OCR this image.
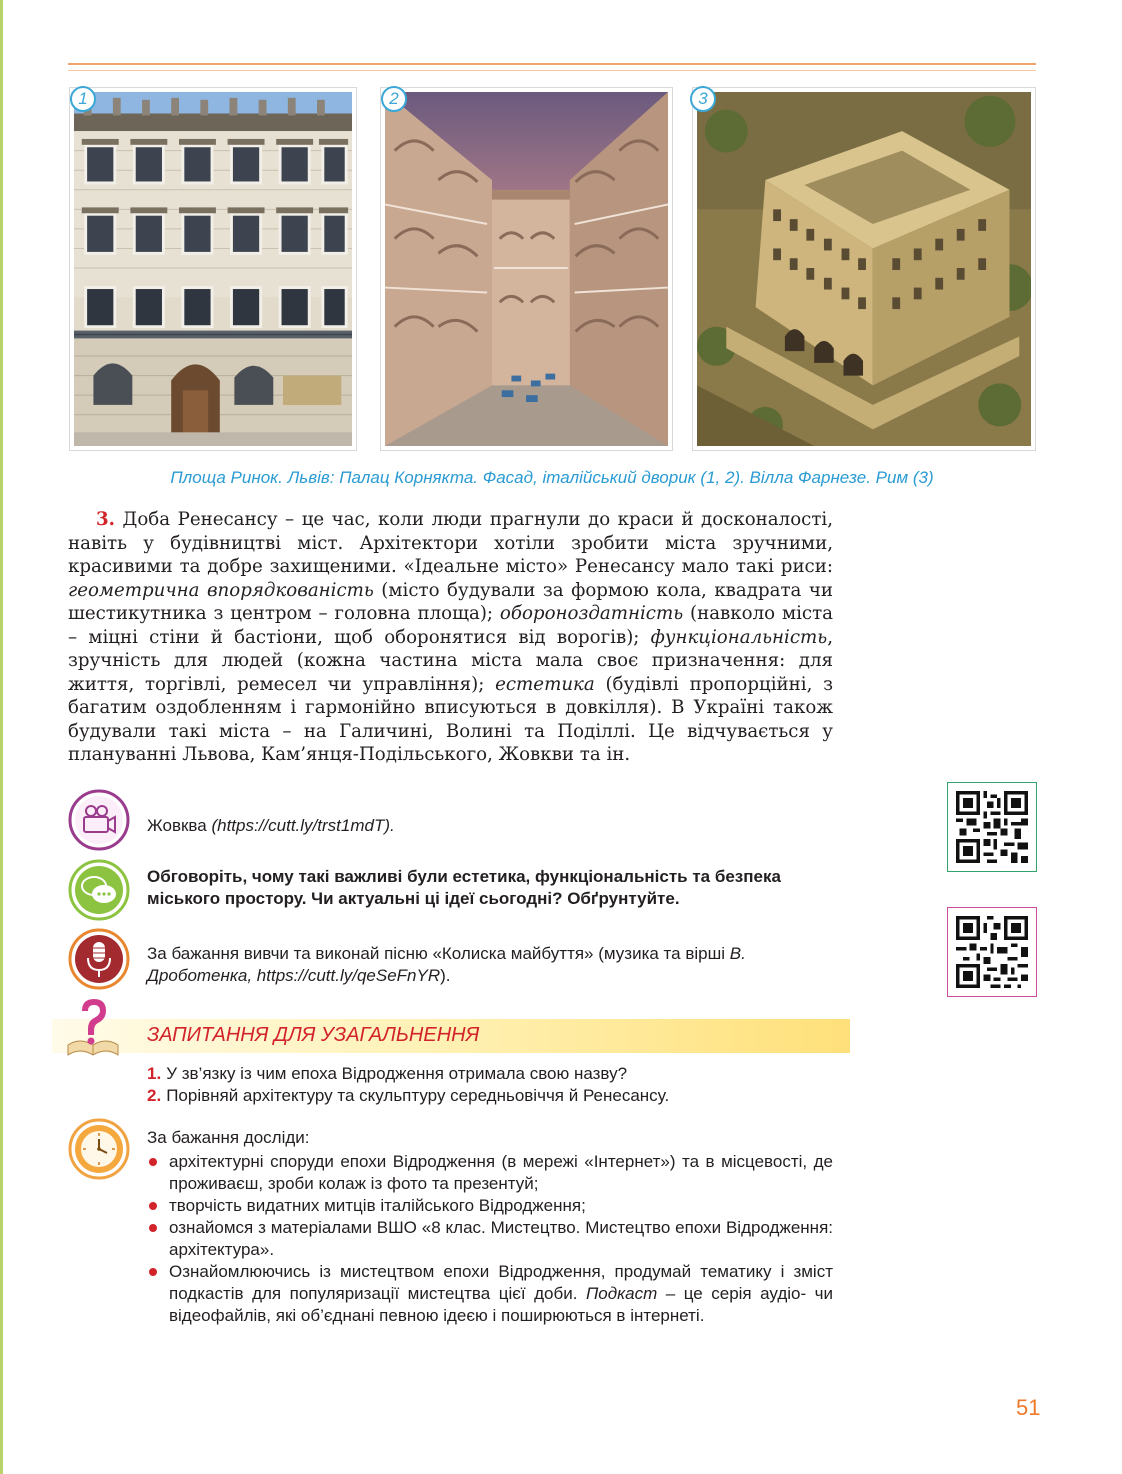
1	2	3
Площа Ринок. Львів: Палац Корнякта. Фасад, італійський дворик (1, 2). Вілла Фарнезе. Рим (3)

3. Доба Ренесансу – це час, коли люди прагнули до краси й досконалості, навіть у будівництві міст. Архітектори хотіли зробити міста зручними, красивими та добре захищеними. «Ідеальне місто» Ренесансу мало такі риси: геометрична впорядкованість (місто будували за формою кола, квадрата чи шестикутника з центром – головна площа); обороноздатність (навколо міста – міцні стіни й бастіони, щоб оборонятися від ворогів); функціональність, зручність для людей (кожна частина міста мала своє призначення: для життя, торгівлі, ремесел чи управління); естетика (будівлі пропорційні, з багатим оздобленням і гармонійно вписуються в довкілля). В Україні також будували такі міста – на Галичині, Волині та Поділлі. Це відчувається у плануванні Львова, Кам’янця-Подільського, Жовкви та ін.

Жовква (https://cutt.ly/trst1mdT).
Обговоріть, чому такі важливі були естетика, функціональність та безпека міського простору. Чи актуальні ці ідеї сьогодні? Обґрунтуйте.
За бажання вивчи та виконай пісню «Колиска майбуття» (музика та вірші В. Дроботенка, https://cutt.ly/qeSeFnYR).
ЗАПИТАННЯ ДЛЯ УЗАГАЛЬНЕННЯ
1. У зв’язку із чим епоха Відродження отримала свою назву?
2. Порівняй архітектуру та скульптуру середньовіччя й Ренесансу.
За бажання досліди:
архітектурні споруди епохи Відродження (в мережі «Інтернет») та в місцевості, де проживаєш, зроби колаж із фото та презентуй;
творчість видатних митців італійського Відродження;
ознайомся з матеріалами ВШО «8 клас. Мистецтво. Мистецтво епохи Відродження: архітектура».
Ознайомлюючись із мистецтвом епохи Відродження, продумай тематику і зміст подкастів для популяризації мистецтва цієї доби. Подкаст – це серія аудіо- чи відеофайлів, які об’єднані певною ідеєю і поширюються в інтернеті.
51
